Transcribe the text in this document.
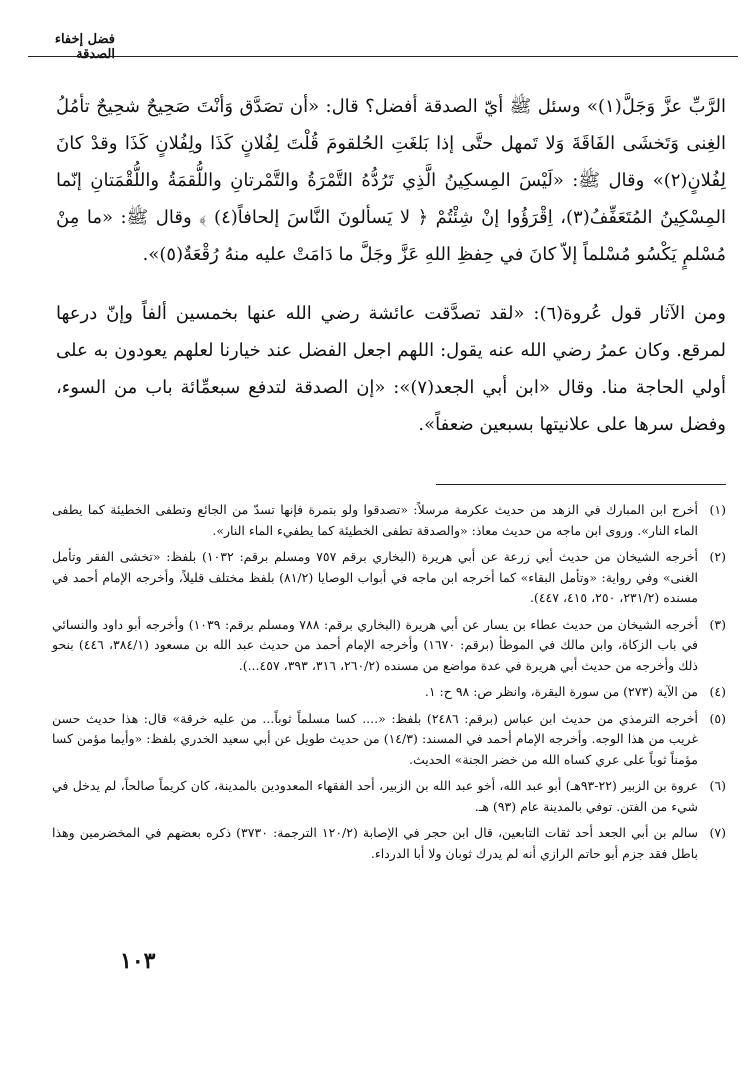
فضل إخفاء الصدقة

الرَّبِّ عزَّ وَجَلَّ(١)» وسئل ﷺ أيّ الصدقة أفضل؟ قال: «أن تصَدَّق وَأنْتَ صَحِيحٌ شحِيحٌ تأمُلُ الغِنى وَتَخشَى الفَاقَةَ وَلا تَمهل حتَّى إذا بَلغَتِ الحُلقومَ قُلْتَ لِفُلانٍ كَذَا ولِفُلانٍ كَذَا وقدْ كانَ لِفُلانٍ(٢)» وقال ﷺ: «لَيْسَ المِسكِينُ الَّذِي تَرُدُّهُ التَّمْرَةُ والتَّمْرتانِ واللُّقمَةُ واللُّقْمَتانِ إنّما المِسْكِينُ المُتَعَفِّفُ(٣)، اِقْرَؤُوا إنْ شِئْتُمْ ﴿ لا يَسألونَ النَّاسَ إلحافاً(٤) ﴾ وقال ﷺ: «ما مِنْ مُسْلمٍ يَكْسُو مُسْلماً إلاّ كانَ في حِفظِ اللهِ عَزَّ وجَلَّ ما دَامَتْ عليه منهُ رُقْعَةٌ(٥)».

ومن الآثار قول عُروة(٦): «لقد تصدَّقت عائشة رضي الله عنها بخمسين ألفاً وإنّ درعها لمرقع. وكان عمرُ رضي الله عنه يقول: اللهم اجعل الفضل عند خيارنا لعلهم يعودون به على أولي الحاجة منا. وقال «ابن أبي الجعد(٧)»: «إن الصدقة لتدفع سبعمِّائة باب من السوء، وفضل سرها على علانيتها بسبعين ضعفاً».

(١)
أخرج ابن المبارك في الزهد من حديث عكرمة مرسلاً: «تصدقوا ولو بتمرة فإنها تسدّ من الجائع وتطفى الخطيئة كما يطفى الماء النار». وروى ابن ماجه من حديث معاذ: «والصدقة تطفى الخطيئة كما يطفيء الماء النار».
(٢)
أخرجه الشيخان من حديث أبي زرعة عن أبي هريرة (البخاري برقم ٧٥٧ ومسلم برقم: ١٠٣٢) بلفظ: «تخشى الفقر وتأمل الغنى» وفي رواية: «وتأمل البقاء» كما أخرجه ابن ماجه في أبواب الوصايا (٨١/٢) بلفظ مختلف قليلاً، وأخرجه الإمام أحمد في مسنده (٢٣١/٢، ٢٥٠، ٤١٥، ٤٤٧).
(٣)
أخرجه الشيخان من حديث عطاء بن يسار عن أبي هريرة (البخاري برقم: ٧٨٨ ومسلم برقم: ١٠٣٩) وأخرجه أبو داود والنسائي في باب الزكاة، وابن مالك في الموطأ (برقم: ١٦٧٠) وأخرجه الإمام أحمد من حديث عبد الله بن مسعود (٣٨٤/١، ٤٤٦) بنحو ذلك وأخرجه من حديث أبي هريرة في عدة مواضع من مسنده (٢٦٠/٢، ٣١٦، ٣٩٣، ٤٥٧...).
(٤)
من الآية (٢٧٣) من سورة البقرة، وانظر ص: ٩٨ ح: ١.
(٥)
أخرجه الترمذي من حديث ابن عباس (برقم: ٢٤٨٦) بلفظ: «.... كسا مسلماً ثوباً... من عليه خرقة» قال: هذا حديث حسن غريب من هذا الوجه. وأخرجه الإمام أحمد في المسند: (١٤/٣) من حديث طويل عن أبي سعيد الخدري بلفظ: «وأيما مؤمن كسا مؤمناً ثوباً على عري كساه الله من خضر الجنة» الحديث.
(٦)
عروة بن الزبير (٢٢-٩٣هـ) أبو عبد الله، أخو عبد الله بن الزبير، أحد الفقهاء المعدودين بالمدينة، كان كريماً صالحاً، لم يدخل في شيء من الفتن. توفي بالمدينة عام (٩٣) هـ.
(٧)
سالم بن أبي الجعد أحد ثقات التابعين، قال ابن حجر في الإصابة (١٢٠/٢ الترجمة: ٣٧٣٠) ذكره بعضهم في المخضرمين وهذا باطل فقد جزم أبو حاتم الرازي أنه لم يدرك ثوبان ولا أبا الدرداء.
١٠٣
